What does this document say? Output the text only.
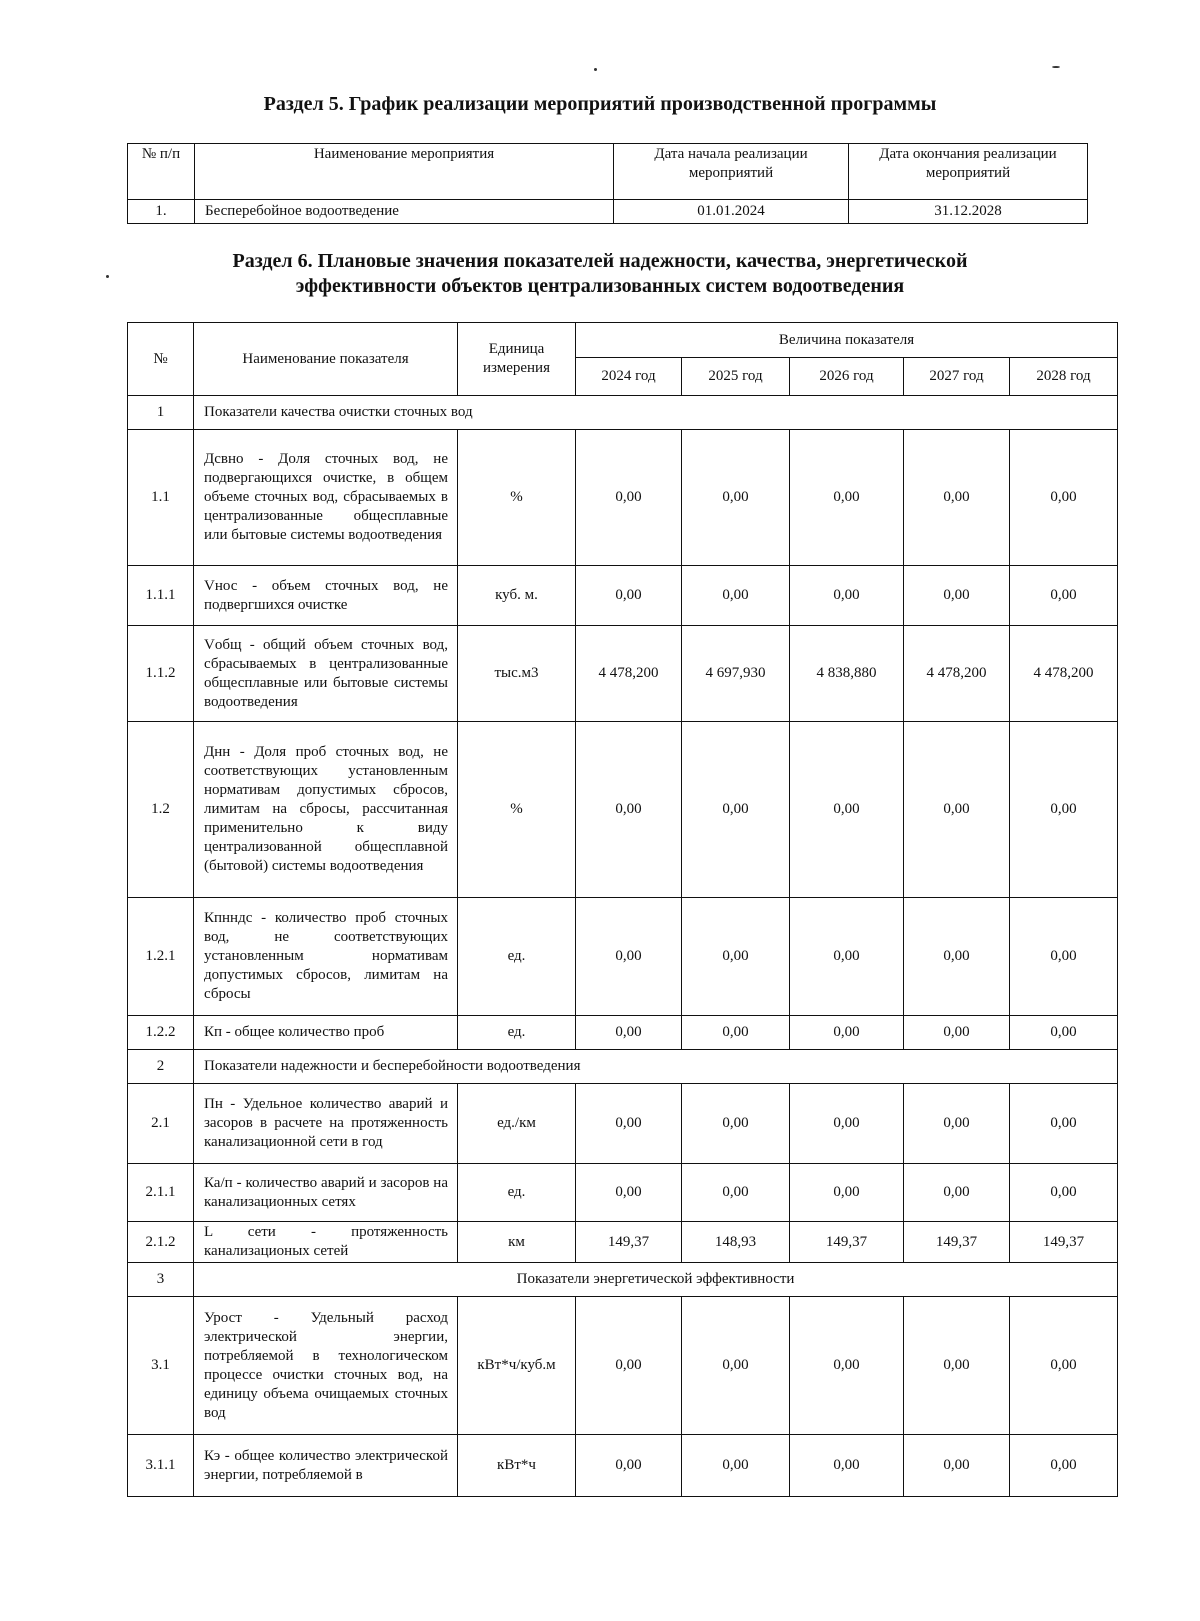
Раздел 5. График реализации мероприятий производственной программы
№ п/п	Наименование мероприятия	Дата начала реализации мероприятий	Дата окончания реализации мероприятий
1.	Бесперебойное водоотведение	01.01.2024	31.12.2028
Раздел 6. Плановые значения показателей надежности, качества, энергетической
эффективности объектов централизованных систем водоотведения
№	Наименование показателя	Единица измерения	Величина показателя				
			2024 год	2025 год	2026 год	2027 год	2028 год
1	Показатели качества очистки сточных вод						
1.1	Дсвно - Доля сточных вод, не подвергающихся очистке, в общем объеме сточных вод, сбрасываемых в централизованные общесплавные или бытовые системы водоотведения	%	0,00	0,00	0,00	0,00	0,00
1.1.1	Vнос - объем сточных вод, не подвергшихся очистке	куб. м.	0,00	0,00	0,00	0,00	0,00
1.1.2	Vобщ - общий объем сточных вод, сбрасываемых в централизованные общесплавные или бытовые системы водоотведения	тыс.м3	4 478,200	4 697,930	4 838,880	4 478,200	4 478,200
1.2	Днн - Доля проб сточных вод, не соответствующих установленным нормативам допустимых сбросов, лимитам на сбросы, рассчитанная применительно к виду централизованной общесплавной (бытовой) системы водоотведения	%	0,00	0,00	0,00	0,00	0,00
1.2.1	Кпнндс - количество проб сточных вод, не соответствующих установленным нормативам допустимых сбросов, лимитам на сбросы	ед.	0,00	0,00	0,00	0,00	0,00
1.2.2	Кп - общее количество проб	ед.	0,00	0,00	0,00	0,00	0,00
2	Показатели надежности и бесперебойности водоотведения						
2.1	Пн - Удельное количество аварий и засоров в расчете на протяженность канализационной сети в год	ед./км	0,00	0,00	0,00	0,00	0,00
2.1.1	Ка/п - количество аварий и засоров на канализационных сетях	ед.	0,00	0,00	0,00	0,00	0,00
2.1.2	L сети - протяженность канализационых сетей	км	149,37	148,93	149,37	149,37	149,37
3	Показатели энергетической эффективности						
3.1	Урост - Удельный расход электрической энергии, потребляемой в технологическом процессе очистки сточных вод, на единицу объема очищаемых сточных вод	кВт*ч/куб.м	0,00	0,00	0,00	0,00	0,00
3.1.1	Кэ - общее количество электрической энергии, потребляемой в	кВт*ч	0,00	0,00	0,00	0,00	0,00
